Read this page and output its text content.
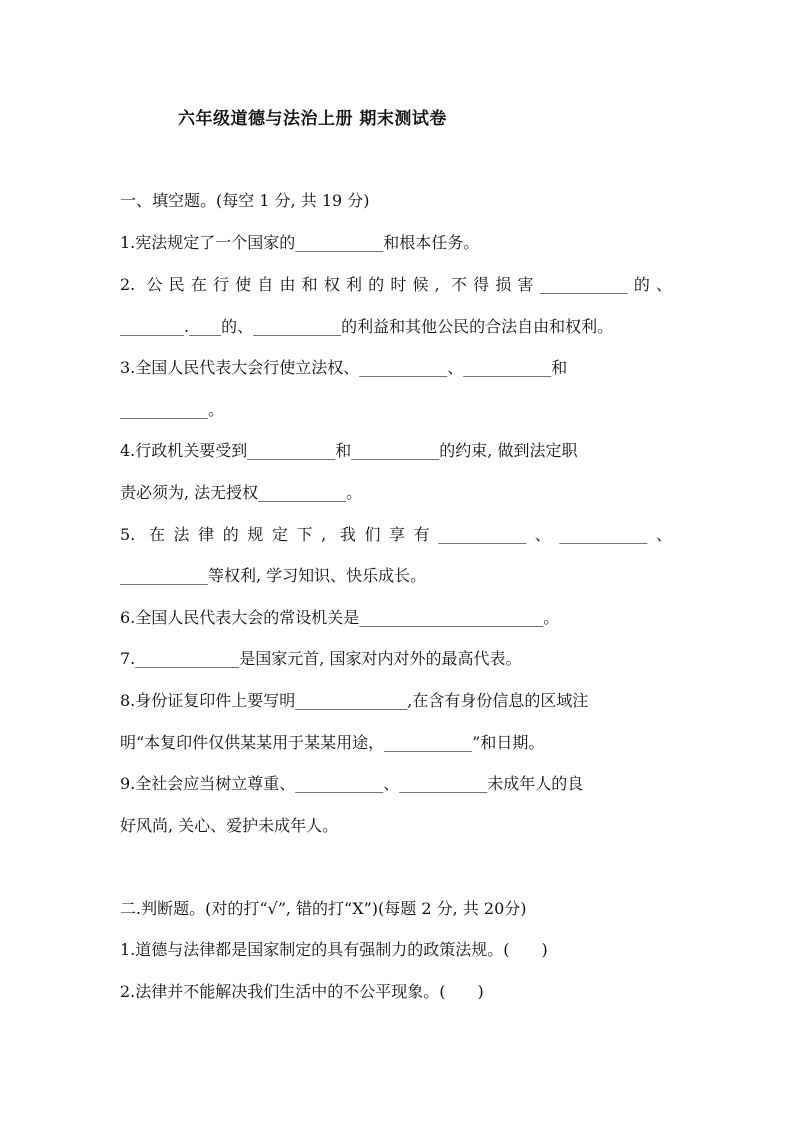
六年级道德与法治上册 期末测试卷
一、填空题。(每空 1 分, 共 19 分)
1.宪法规定了一个国家的___________和根本任务。
2. 公民在行使自由和权利的时候, 不得损害___________的、
________.____的、___________的利益和其他公民的合法自由和权利。
3.全国人民代表大会行使立法权、___________、___________和
___________。
4.行政机关要受到___________和___________的约束, 做到法定职
责必须为, 法无授权___________。
5. 在法律的规定下, 我们享有___________、___________、
___________等权利, 学习知识、快乐成长。
6.全国人民代表大会的常设机关是_______________________。
7._____________是国家元首, 国家对内对外的最高代表。
8.身份证复印件上要写明______________,在含有身份信息的区域注
明“本复印件仅供某某用于某某用途，___________”和日期。
9.全社会应当树立尊重、___________、___________未成年人的良
好风尚, 关心、爱护未成年人。
二.判断题。(对的打“√”, 错的打“X”)(每题 2 分, 共 20分)
1.道德与法律都是国家制定的具有强制力的政策法规。(　　)
2.法律并不能解决我们生活中的不公平现象。(　　)
